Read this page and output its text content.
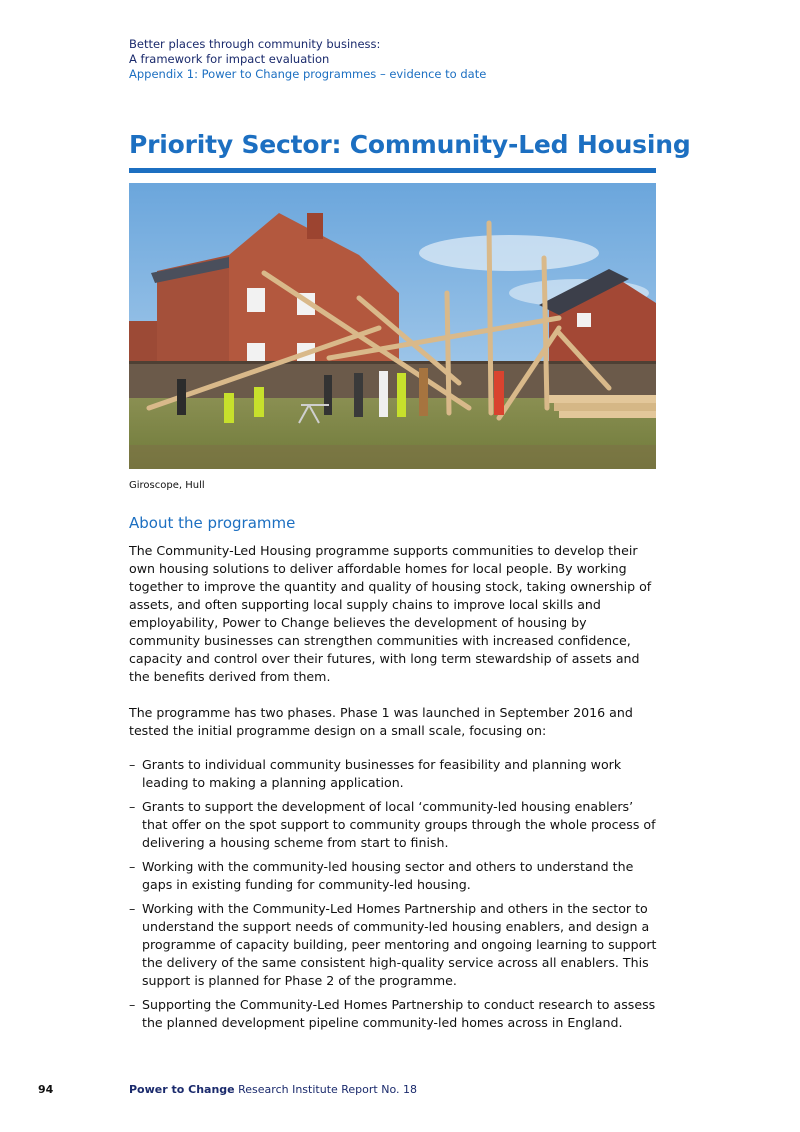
Better places through community business:
A framework for impact evaluation
Appendix 1: Power to Change programmes – evidence to date
Priority Sector: Community-Led Housing
Giroscope, Hull
About the programme

The Community-Led Housing programme supports communities to develop their own housing solutions to deliver affordable homes for local people. By working together to improve the quantity and quality of housing stock, taking ownership of assets, and often supporting local supply chains to improve local skills and employability, Power to Change believes the development of housing by community businesses can strengthen communities with increased confidence, capacity and control over their futures, with long term stewardship of assets and the benefits derived from them.

The programme has two phases. Phase 1 was launched in September 2016 and tested the initial programme design on a small scale, focusing on:

– Grants to individual community businesses for feasibility and planning work leading to making a planning application.
– Grants to support the development of local ‘community-led housing enablers’ that offer on the spot support to community groups through the whole process of delivering a housing scheme from start to finish.
– Working with the community-led housing sector and others to understand the gaps in existing funding for community-led housing.
– Working with the Community-Led Homes Partnership and others in the sector to understand the support needs of community-led housing enablers, and design a programme of capacity building, peer mentoring and ongoing learning to support the delivery of the same consistent high-quality service across all enablers. This support is planned for Phase 2 of the programme.
– Supporting the Community-Led Homes Partnership to conduct research to assess the planned development pipeline community-led homes across in England.
94	Power to Change Research Institute Report No. 18
